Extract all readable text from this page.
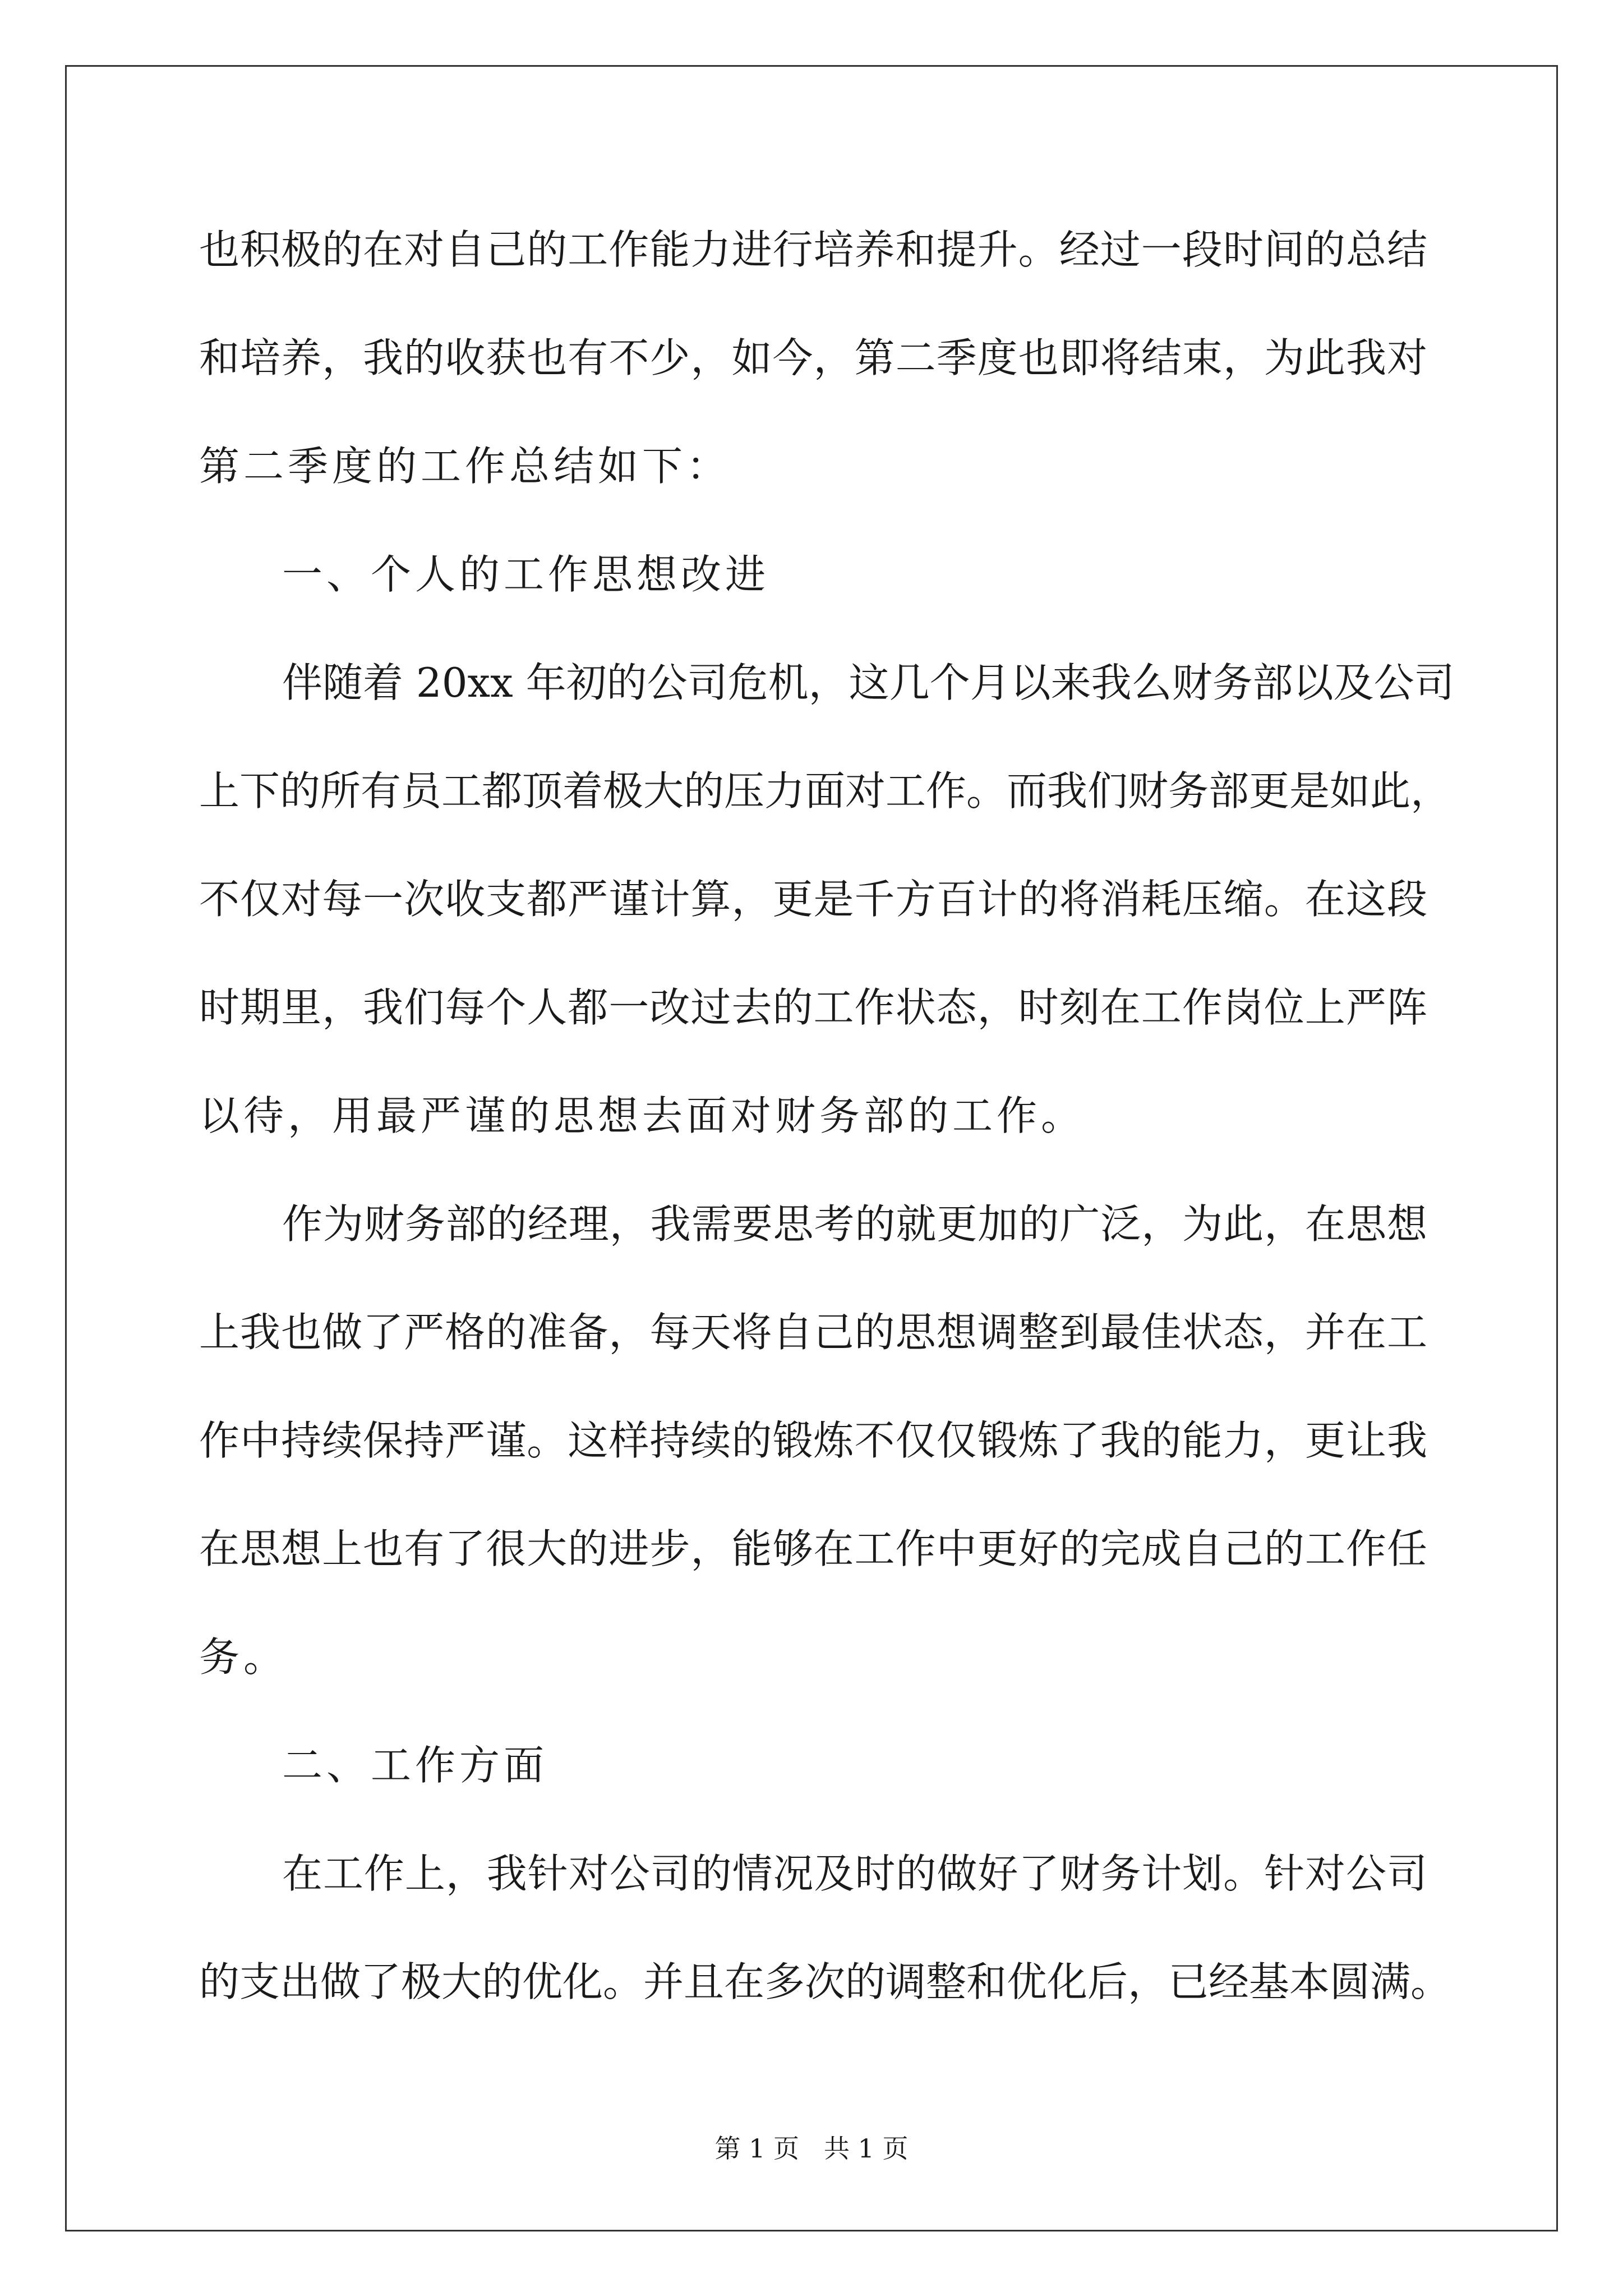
也积极的在对自己的工作能力进行培养和提升。经过一段时间的总结
和培养，我的收获也有不少，如今，第二季度也即将结束，为此我对
第二季度的工作总结如下：
一、个人的工作思想改进
伴随着 20xx 年初的公司危机，这几个月以来我么财务部以及公司
上下的所有员工都顶着极大的压力面对工作。而我们财务部更是如此，
不仅对每一次收支都严谨计算，更是千方百计的将消耗压缩。在这段
时期里，我们每个人都一改过去的工作状态，时刻在工作岗位上严阵
以待，用最严谨的思想去面对财务部的工作。
作为财务部的经理，我需要思考的就更加的广泛，为此，在思想
上我也做了严格的准备，每天将自己的思想调整到最佳状态，并在工
作中持续保持严谨。这样持续的锻炼不仅仅锻炼了我的能力，更让我
在思想上也有了很大的进步，能够在工作中更好的完成自己的工作任
务。
二、工作方面
在工作上，我针对公司的情况及时的做好了财务计划。针对公司
的支出做了极大的优化。并且在多次的调整和优化后，已经基本圆满。
第 1 页 共 1 页
